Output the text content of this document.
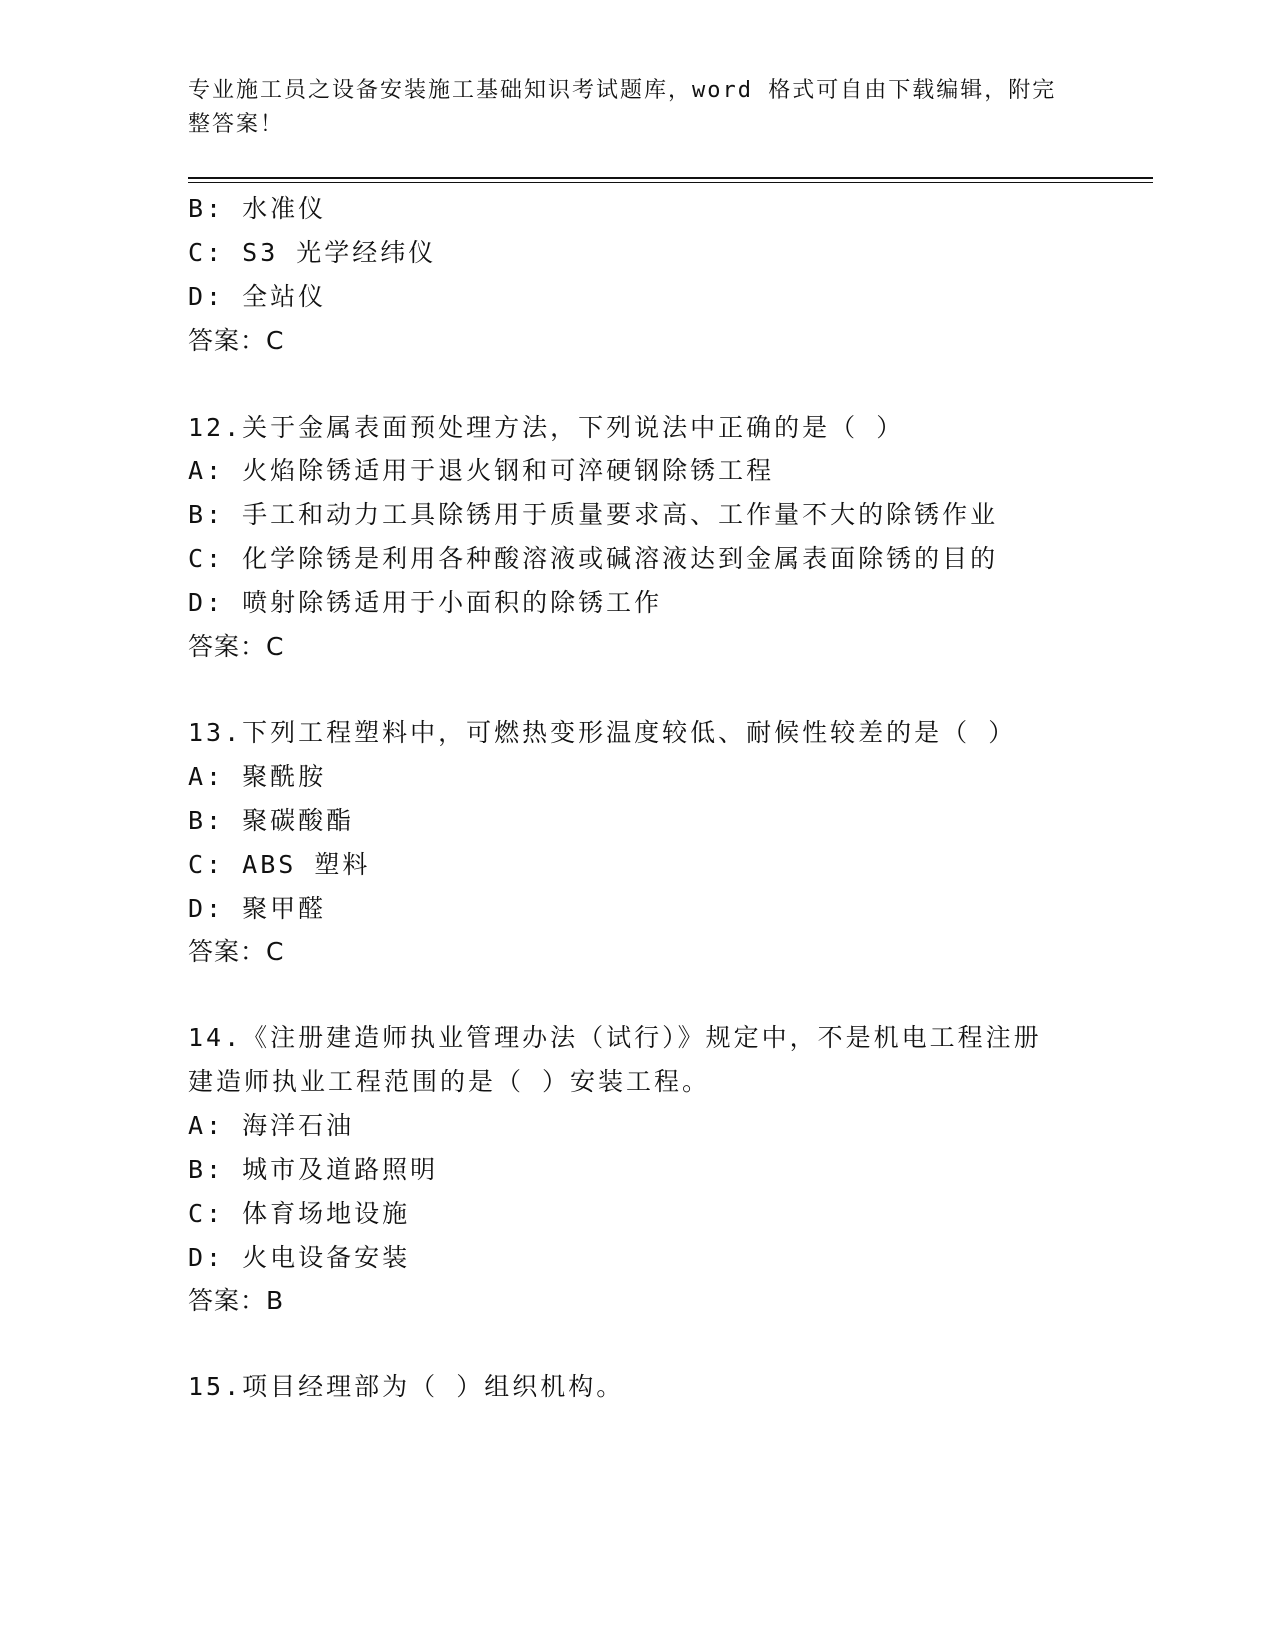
专业施工员之设备安装施工基础知识考试题库，word 格式可自由下载编辑，附完
整答案！
B: 水准仪
C: S3 光学经纬仪
D: 全站仪
答案：C
12.关于金属表面预处理方法，下列说法中正确的是（ ）
A: 火焰除锈适用于退火钢和可淬硬钢除锈工程
B: 手工和动力工具除锈用于质量要求高、工作量不大的除锈作业
C: 化学除锈是利用各种酸溶液或碱溶液达到金属表面除锈的目的
D: 喷射除锈适用于小面积的除锈工作
答案：C
13.下列工程塑料中，可燃热变形温度较低、耐候性较差的是（ ）
A: 聚酰胺
B: 聚碳酸酯
C: ABS 塑料
D: 聚甲醛
答案：C
14.《注册建造师执业管理办法（试行）》规定中，不是机电工程注册
建造师执业工程范围的是（ ）安装工程。
A: 海洋石油
B: 城市及道路照明
C: 体育场地设施
D: 火电设备安装
答案：B
15.项目经理部为（ ）组织机构。
